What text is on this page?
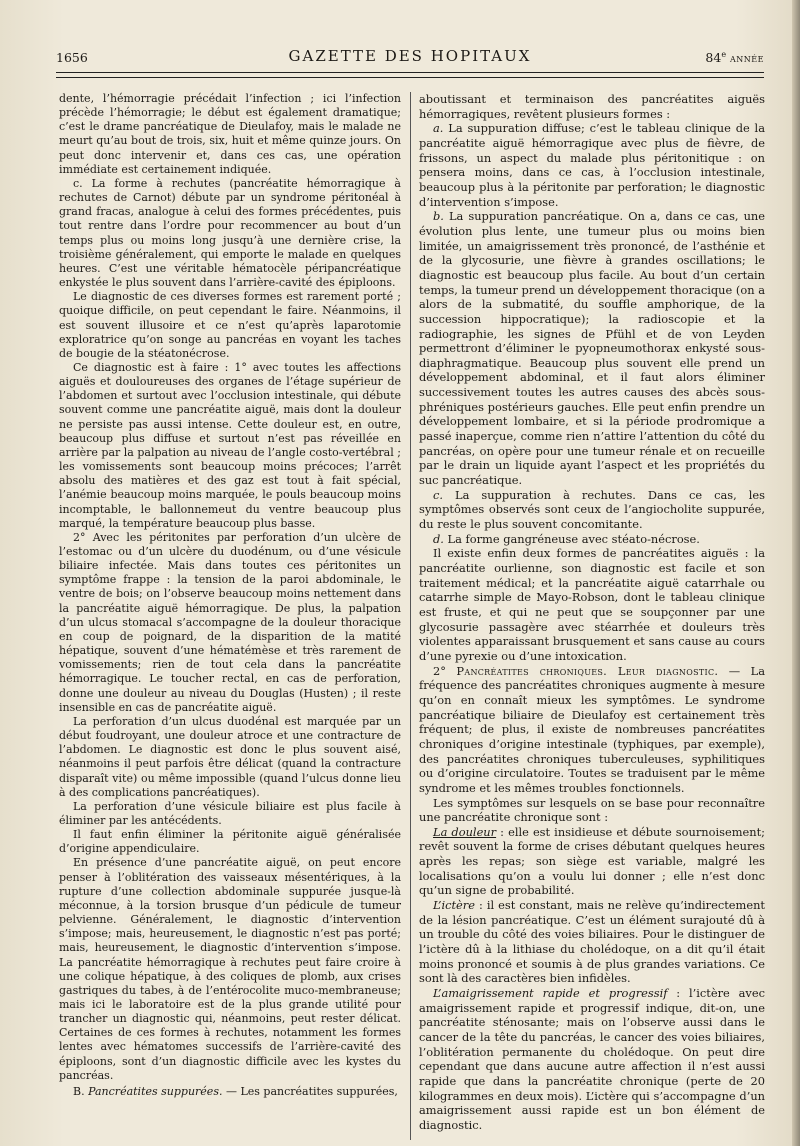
1656	GAZETTE DES HOPITAUX	84e année

dente, l’hémorragie précédait l’infection ; ici l’infection précède l’hémorragie; le début est également dramatique; c’est le drame pancréatique de Dieulafoy, mais le malade ne meurt qu’au bout de trois, six, huit et même quinze jours. On peut donc intervenir et, dans ces cas, une opération immédiate est certainement indiquée.

c. La forme à rechutes (pancréatite hémorragique à rechutes de Carnot) débute par un syndrome péritonéal à grand fracas, analogue à celui des formes précédentes, puis tout rentre dans l’ordre pour recommencer au bout d’un temps plus ou moins long jusqu’à une dernière crise, la troisième généralement, qui emporte le malade en quelques heures. C’est une véritable hématocèle péripancréatique enkystée le plus souvent dans l’arrière-cavité des épiploons.

Le diagnostic de ces diverses formes est rarement porté ; quoique difficile, on peut cependant le faire. Néanmoins, il est souvent illusoire et ce n’est qu’après laparotomie exploratrice qu’on songe au pancréas en voyant les taches de bougie de la stéatonécrose.

Ce diagnostic est à faire : 1° avec toutes les affections aiguës et douloureuses des organes de l’étage supérieur de l’abdomen et surtout avec l’occlusion intestinale, qui débute souvent comme une pancréatite aiguë, mais dont la douleur ne persiste pas aussi intense. Cette douleur est, en outre, beaucoup plus diffuse et surtout n’est pas réveillée en arrière par la palpation au niveau de l’angle costo-vertébral ; les vomissements sont beaucoup moins précoces; l’arrêt absolu des matières et des gaz est tout à fait spécial, l’anémie beaucoup moins marquée, le pouls beaucoup moins incomptable, le ballonnemeut du ventre beaucoup plus marqué, la température beaucoup plus basse.

2° Avec les péritonites par perforation d’un ulcère de l’estomac ou d’un ulcère du duodénum, ou d’une vésicule biliaire infectée. Mais dans toutes ces péritonites un symptôme frappe : la tension de la paroi abdominale, le ventre de bois; on l’observe beaucoup moins nettement dans la pancréatite aiguë hémorragique. De plus, la palpation d’un ulcus stomacal s’accompagne de la douleur thoracique en coup de poignard, de la disparition de la matité hépatique, souvent d’une hématémèse et très rarement de vomissements; rien de tout cela dans la pancréatite hémorragique. Le toucher rectal, en cas de perforation, donne une douleur au niveau du Douglas (Husten) ; il reste insensible en cas de pancréatite aiguë.

La perforation d’un ulcus duodénal est marquée par un début foudroyant, une douleur atroce et une contracture de l’abdomen. Le diagnostic est donc le plus souvent aisé, néanmoins il peut parfois être délicat (quand la contracture disparaît vite) ou même impossible (quand l’ulcus donne lieu à des complications pancréatiques).

La perforation d’une vésicule biliaire est plus facile à éliminer par les antécédents.

Il faut enfin éliminer la péritonite aiguë généralisée d’origine appendiculaire.

En présence d’une pancréatite aiguë, on peut encore penser à l’oblitération des vaisseaux mésentériques, à la rupture d’une collection abdominale suppurée jusque-là méconnue, à la torsion brusque d’un pédicule de tumeur pelvienne. Généralement, le diagnostic d’intervention s’impose; mais, heureusement, le diagnostic n’est pas porté; mais, heureusement, le diagnostic d’intervention s’impose. La pancréatite hémorragique à rechutes peut faire croire à une colique hépatique, à des coliques de plomb, aux crises gastriques du tabes, à de l’entérocolite muco-membraneuse; mais ici le laboratoire est de la plus grande utilité pour trancher un diagnostic qui, néanmoins, peut rester délicat. Certaines de ces formes à rechutes, notamment les formes lentes avec hématomes successifs de l’arrière-cavité des épiploons, sont d’un diagnostic difficile avec les kystes du pancréas.

B. Pancréatites suppurées. — Les pancréatites suppurées,

aboutissant et terminaison des pancréatites aiguës hémorragiques, revêtent plusieurs formes :

a. La suppuration diffuse; c’est le tableau clinique de la pancréatite aiguë hémorragique avec plus de fièvre, de frissons, un aspect du malade plus péritonitique : on pensera moins, dans ce cas, à l’occlusion intestinale, beaucoup plus à la péritonite par perforation; le diagnostic d’intervention s’impose.

b. La suppuration pancréatique. On a, dans ce cas, une évolution plus lente, une tumeur plus ou moins bien limitée, un amaigrissement très prononcé, de l’asthénie et de la glycosurie, une fièvre à grandes oscillations; le diagnostic est beaucoup plus facile. Au bout d’un certain temps, la tumeur prend un développement thoracique (on a alors de la submatité, du souffle amphorique, de la succession hippocratique); la radioscopie et la radiographie, les signes de Pfühl et de von Leyden permettront d’éliminer le pyopneumothorax enkysté sous-diaphragmatique. Beaucoup plus souvent elle prend un développement abdominal, et il faut alors éliminer successivement toutes les autres causes des abcès sous-phréniques postérieurs gauches. Elle peut enfin prendre un développement lombaire, et si la période prodromique a passé inaperçue, comme rien n’attire l’attention du côté du pancréas, on opère pour une tumeur rénale et on recueille par le drain un liquide ayant l’aspect et les propriétés du suc pancréatique.

c. La suppuration à rechutes. Dans ce cas, les symptômes observés sont ceux de l’angiocholite suppurée, du reste le plus souvent concomitante.

d. La forme gangréneuse avec stéato-nécrose.

Il existe enfin deux formes de pancréatites aiguës : la pancréatite ourlienne, son diagnostic est facile et son traitement médical; et la pancréatite aiguë catarrhale ou catarrhe simple de Mayo-Robson, dont le tableau clinique est fruste, et qui ne peut que se soupçonner par une glycosurie passagère avec stéarrhée et douleurs très violentes apparaissant brusquement et sans cause au cours d’une pyrexie ou d’une intoxication.

2° Pancréatites chroniques. Leur diagnostic. — La fréquence des pancréatites chroniques augmente à mesure qu’on en connaît mieux les symptômes. Le syndrome pancréatique biliaire de Dieulafoy est certainement très fréquent; de plus, il existe de nombreuses pancréatites chroniques d’origine intestinale (typhiques, par exemple), des pancréatites chroniques tuberculeuses, syphilitiques ou d’origine circulatoire. Toutes se traduisent par le même syndrome et les mêmes troubles fonctionnels.

Les symptômes sur lesquels on se base pour reconnaître une pancréatite chronique sont :

La douleur : elle est insidieuse et débute sournoisement; revêt souvent la forme de crises débutant quelques heures après les repas; son siège est variable, malgré les localisations qu’on a voulu lui donner ; elle n’est donc qu’un signe de probabilité.

L’ictère : il est constant, mais ne relève qu’indirectement de la lésion pancréatique. C’est un élément surajouté dû à un trouble du côté des voies biliaires. Pour le distinguer de l’ictère dû à la lithiase du cholédoque, on a dit qu’il était moins prononcé et soumis à de plus grandes variations. Ce sont là des caractères bien infidèles.

L’amaigrissement rapide et progressif : l’ictère avec amaigrissement rapide et progressif indique, dit-on, une pancréatite sténosante; mais on l’observe aussi dans le cancer de la tête du pancréas, le cancer des voies biliaires, l’oblitération permanente du cholédoque. On peut dire cependant que dans aucune autre affection il n’est aussi rapide que dans la pancréatite chronique (perte de 20 kilogrammes en deux mois). L’ictère qui s’accompagne d’un amaigrissement aussi rapide est un bon élément de diagnostic.
